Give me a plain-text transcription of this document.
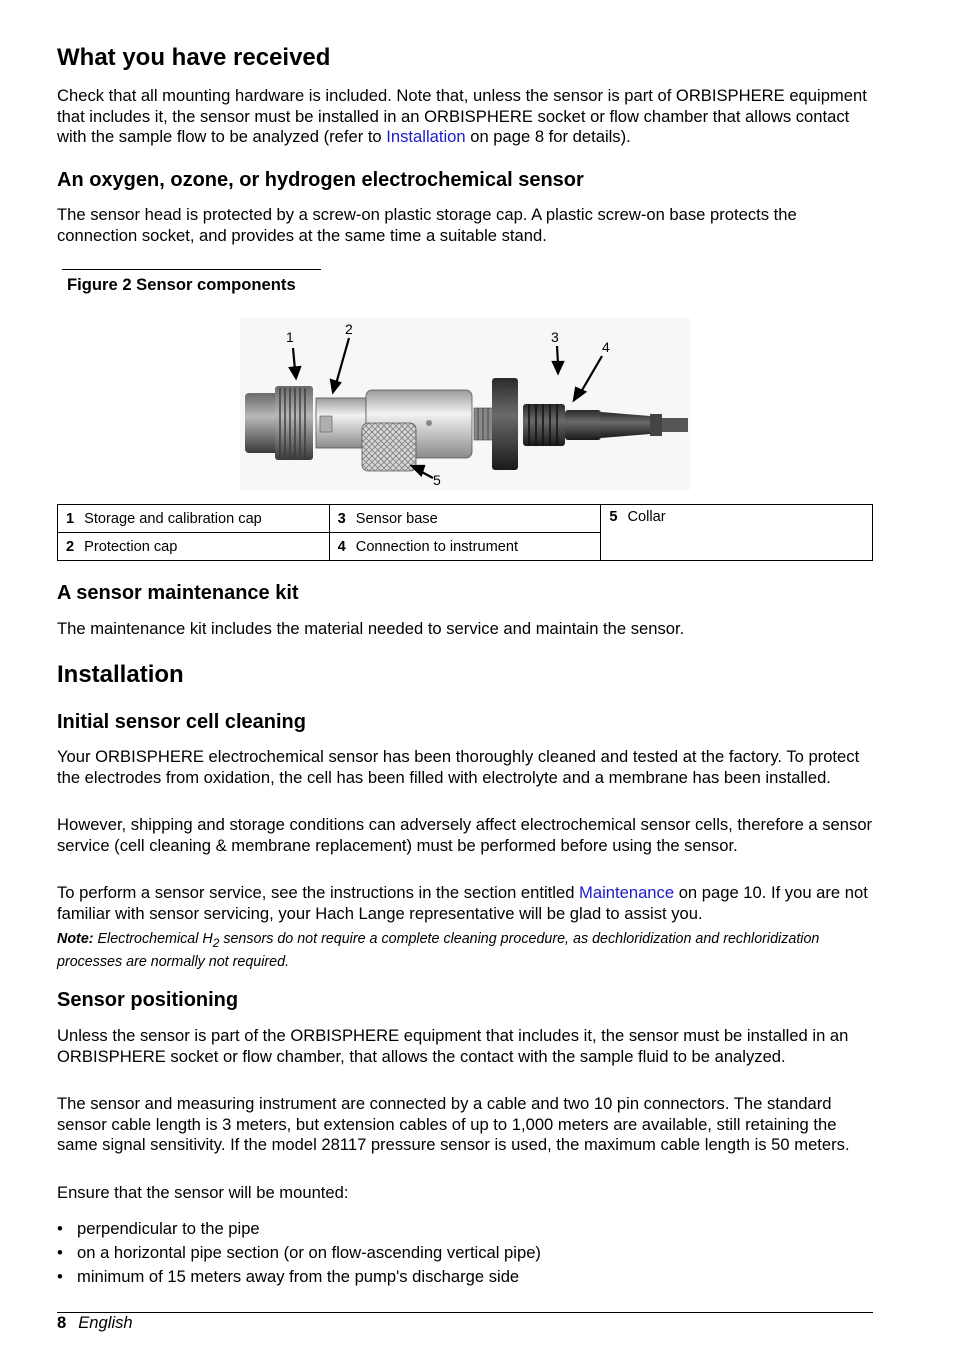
What you have received

Check that all mounting hardware is included. Note that, unless the sensor is part of ORBISPHERE equipment that includes it, the sensor must be installed in an ORBISPHERE socket or flow chamber that allows contact with the sample flow to be analyzed (refer to Installation on page 8 for details).

An oxygen, ozone, or hydrogen electrochemical sensor

The sensor head is protected by a screw-on plastic storage cap. A plastic screw-on base protects the connection socket, and provides at the same time a suitable stand.

Figure 2 Sensor components
1	2	3
4
5
1 Storage and calibration cap	3 Sensor base	5 Collar
2 Protection cap	4 Connection to instrument	
A sensor maintenance kit

The maintenance kit includes the material needed to service and maintain the sensor.

Installation
Initial sensor cell cleaning

Your ORBISPHERE electrochemical sensor has been thoroughly cleaned and tested at the factory. To protect the electrodes from oxidation, the cell has been filled with electrolyte and a membrane has been installed.

However, shipping and storage conditions can adversely affect electrochemical sensor cells, therefore a sensor service (cell cleaning & membrane replacement) must be performed before using the sensor.

To perform a sensor service, see the instructions in the section entitled Maintenance on page 10. If you are not familiar with sensor servicing, your Hach Lange representative will be glad to assist you.

Note: Electrochemical $H_2$ sensors do not require a complete cleaning procedure, as dechloridization and rechloridization processes are normally not required.

Sensor positioning

Unless the sensor is part of the ORBISPHERE equipment that includes it, the sensor must be installed in an ORBISPHERE socket or flow chamber, that allows the contact with the sample fluid to be analyzed.

The sensor and measuring instrument are connected by a cable and two 10 pin connectors. The standard sensor cable length is 3 meters, but extension cables of up to 1,000 meters are available, still retaining the same signal sensitivity. If the model 28117 pressure sensor is used, the maximum cable length is 50 meters.

Ensure that the sensor will be mounted:

• perpendicular to the pipe
• on a horizontal pipe section (or on flow-ascending vertical pipe)
• minimum of 15 meters away from the pump's discharge side
8 English
